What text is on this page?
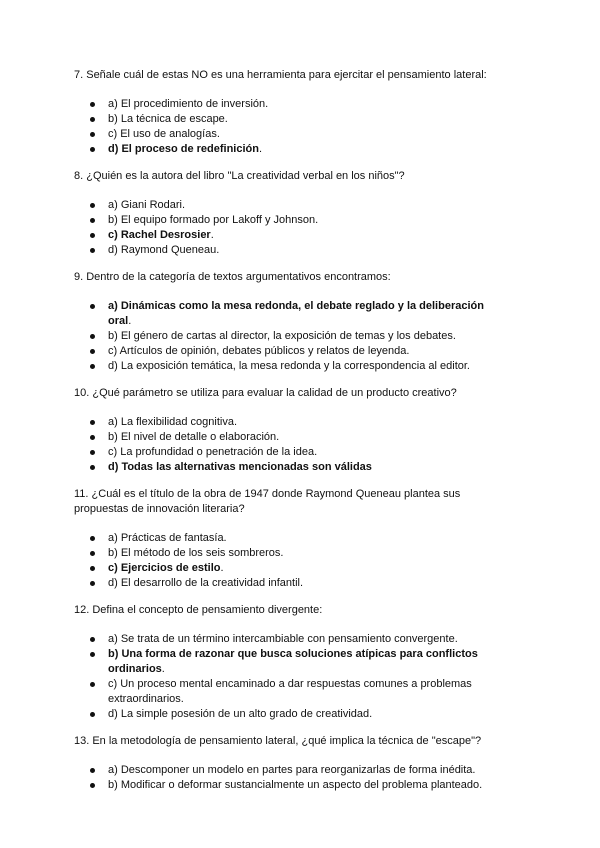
7. Señale cuál de estas NO es una herramienta para ejercitar el pensamiento lateral:
a) El procedimiento de inversión.
b) La técnica de escape.
c) El uso de analogías.
d) El proceso de redefinición.
8. ¿Quién es la autora del libro "La creatividad verbal en los niños"?
a) Giani Rodari.
b) El equipo formado por Lakoff y Johnson.
c) Rachel Desrosier.
d) Raymond Queneau.
9. Dentro de la categoría de textos argumentativos encontramos:
a) Dinámicas como la mesa redonda, el debate reglado y la deliberación oral.
b) El género de cartas al director, la exposición de temas y los debates.
c) Artículos de opinión, debates públicos y relatos de leyenda.
d) La exposición temática, la mesa redonda y la correspondencia al editor.
10. ¿Qué parámetro se utiliza para evaluar la calidad de un producto creativo?
a) La flexibilidad cognitiva.
b) El nivel de detalle o elaboración.
c) La profundidad o penetración de la idea.
d) Todas las alternativas mencionadas son válidas
11. ¿Cuál es el título de la obra de 1947 donde Raymond Queneau plantea sus propuestas de innovación literaria?
a) Prácticas de fantasía.
b) El método de los seis sombreros.
c) Ejercicios de estilo.
d) El desarrollo de la creatividad infantil.
12. Defina el concepto de pensamiento divergente:
a) Se trata de un término intercambiable con pensamiento convergente.
b) Una forma de razonar que busca soluciones atípicas para conflictos ordinarios.
c) Un proceso mental encaminado a dar respuestas comunes a problemas extraordinarios.
d) La simple posesión de un alto grado de creatividad.
13. En la metodología de pensamiento lateral, ¿qué implica la técnica de "escape"?
a) Descomponer un modelo en partes para reorganizarlas de forma inédita.
b) Modificar o deformar sustancialmente un aspecto del problema planteado.
